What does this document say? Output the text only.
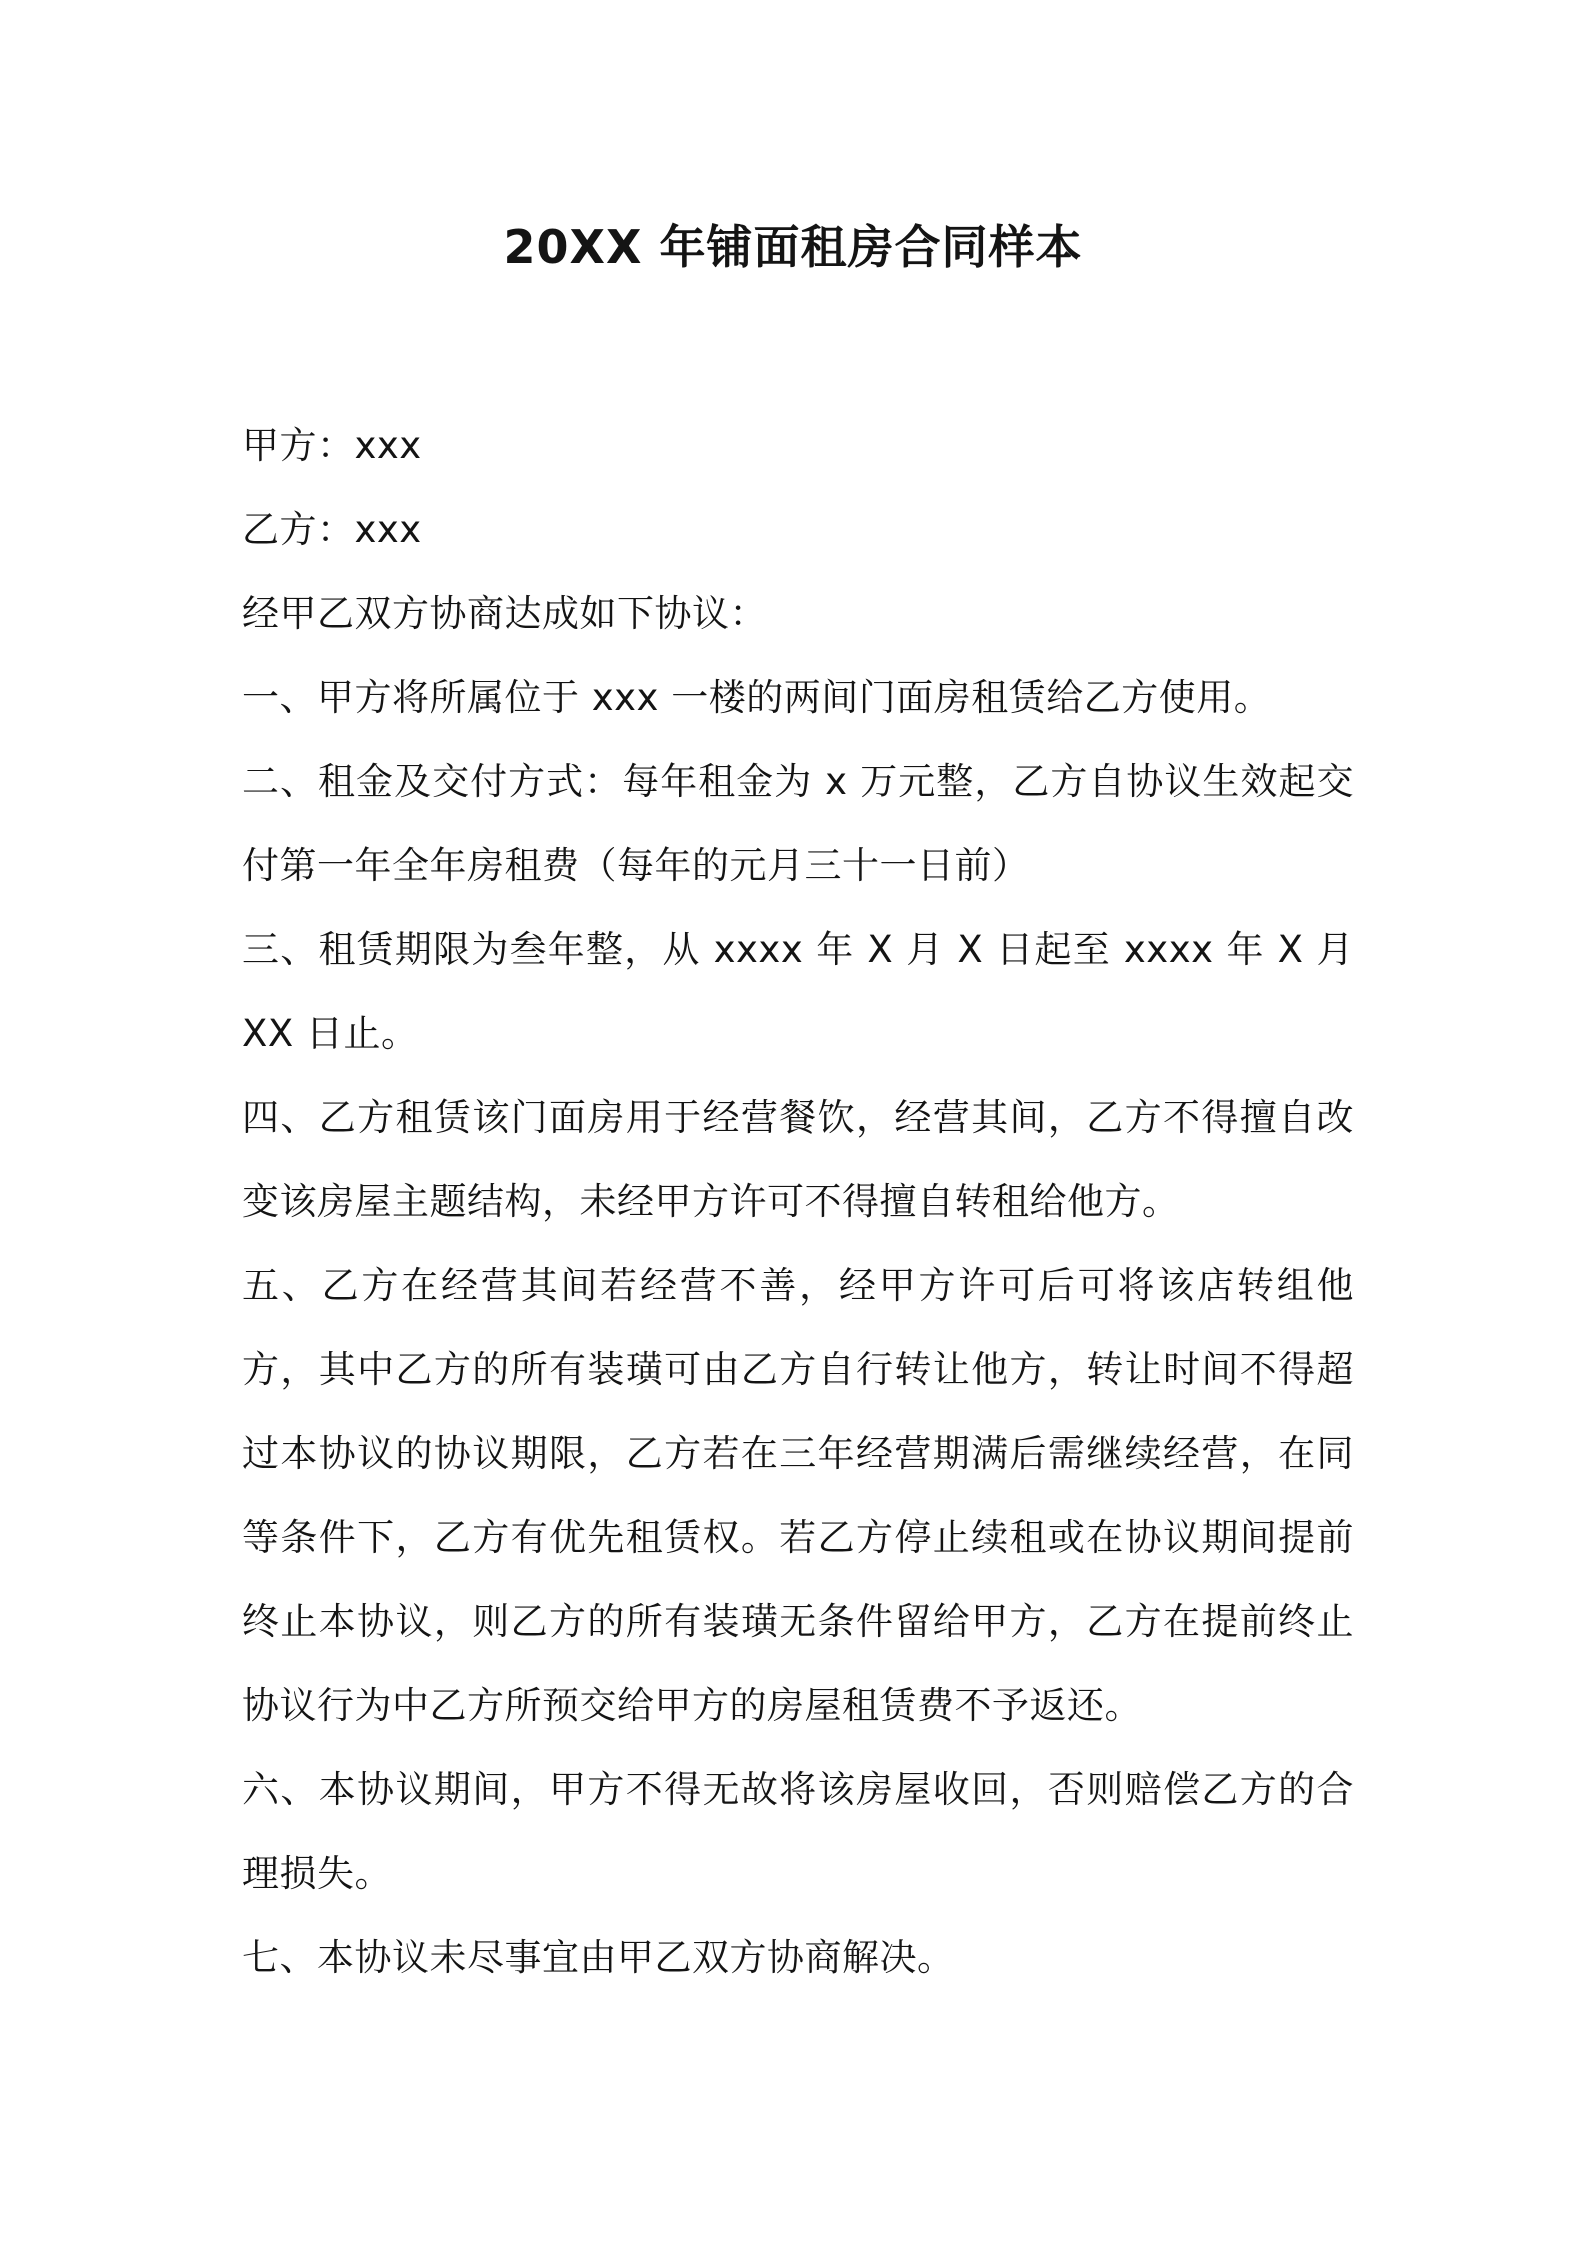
20XX 年铺面租房合同样本

甲方：xxx

乙方：xxx

经甲乙双方协商达成如下协议：

一、甲方将所属位于 xxx 一楼的两间门面房租赁给乙方使用。

二、租金及交付方式：每年租金为 x 万元整，乙方自协议生效起交付第一年全年房租费（每年的元月三十一日前）

三、租赁期限为叁年整，从 xxxx 年 X 月 X 日起至 xxxx 年 X 月 XX 日止。

四、乙方租赁该门面房用于经营餐饮，经营其间，乙方不得擅自改变该房屋主题结构，未经甲方许可不得擅自转租给他方。

五、乙方在经营其间若经营不善，经甲方许可后可将该店转组他方，其中乙方的所有装璜可由乙方自行转让他方，转让时间不得超过本协议的协议期限，乙方若在三年经营期满后需继续经营，在同等条件下，乙方有优先租赁权。若乙方停止续租或在协议期间提前终止本协议，则乙方的所有装璜无条件留给甲方，乙方在提前终止协议行为中乙方所预交给甲方的房屋租赁费不予返还。

六、本协议期间，甲方不得无故将该房屋收回，否则赔偿乙方的合理损失。

七、本协议未尽事宜由甲乙双方协商解决。
